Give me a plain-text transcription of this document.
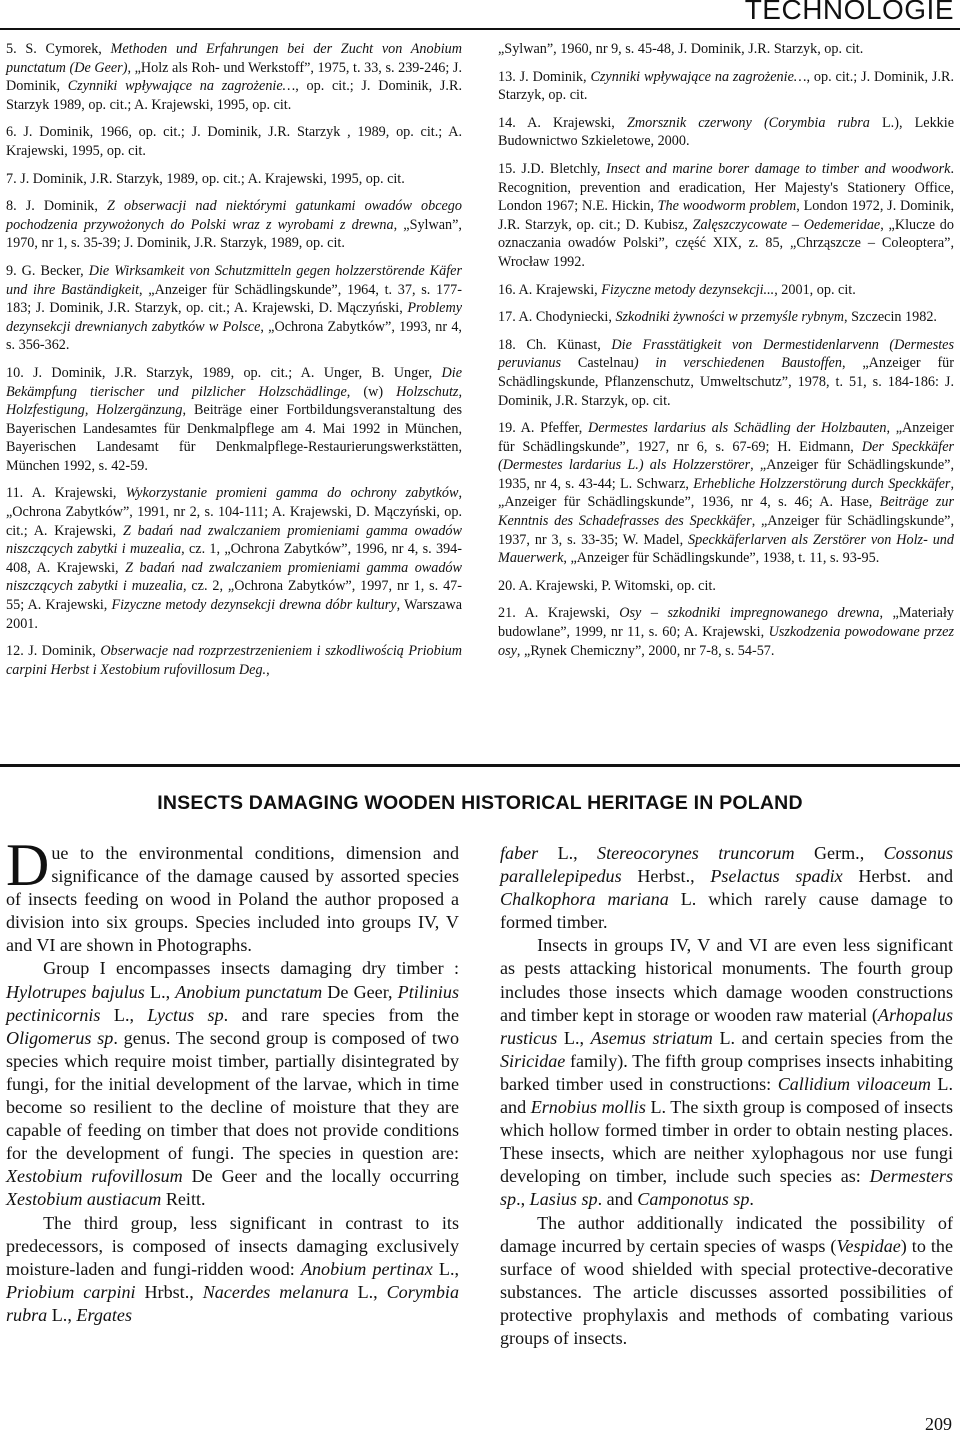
TECHNOLOGIE

5. S. Cymorek, Methoden und Erfahrungen bei der Zucht von Anobium punctatum (De Geer), „Holz als Roh- und Werkstoff”, 1975, t. 33, s. 239-246; J. Dominik, Czynniki wpływające na zagrożenie…, op. cit.; J. Dominik, J.R. Starzyk 1989, op. cit.; A. Krajewski, 1995, op. cit.

6. J. Dominik, 1966, op. cit.; J. Dominik, J.R. Starzyk , 1989, op. cit.; A. Krajewski, 1995, op. cit.

7. J. Dominik, J.R. Starzyk, 1989, op. cit.; A. Krajewski, 1995, op. cit.

8. J. Dominik, Z obserwacji nad niektórymi gatunkami owadów obcego pochodzenia przywożonych do Polski wraz z wyrobami z drewna, „Sylwan”, 1970, nr 1, s. 35-39; J. Dominik, J.R. Starzyk, 1989, op. cit.

9. G. Becker, Die Wirksamkeit von Schutzmitteln gegen holzzerstörende Käfer und ihre Baständigkeit, „Anzeiger für Schädlingskunde”, 1964, t. 37, s. 177-183; J. Dominik, J.R. Starzyk, op. cit.; A. Krajewski, D. Mączyński, Problemy dezynsekcji drewnianych zabytków w Polsce, „Ochrona Zabytków”, 1993, nr 4, s. 356-362.

10. J. Dominik, J.R. Starzyk, 1989, op. cit.; A. Unger, B. Unger, Die Bekämpfung tierischer und pilzlicher Holzschädlinge, (w) Holzschutz, Holzfestigung, Holzergänzung, Beiträge einer Fortbildungsveranstaltung des Bayerischen Landesamtes für Denkmalpflege am 4. Mai 1992 in München, Bayerischen Landesamt für Denkmalpflege-Restaurierungswerkstätten, München 1992, s. 42-59.

11. A. Krajewski, Wykorzystanie promieni gamma do ochrony zabytków, „Ochrona Zabytków”, 1991, nr 2, s. 104-111; A. Krajewski, D. Mączyński, op. cit.; A. Krajewski, Z badań nad zwalczaniem promieniami gamma owadów niszczących zabytki i muzealia, cz. 1, „Ochrona Zabytków”, 1996, nr 4, s. 394-408, A. Krajewski, Z badań nad zwalczaniem promieniami gamma owadów niszczących zabytki i muzealia, cz. 2, „Ochrona Zabytków”, 1997, nr 1, s. 47-55; A. Krajewski, Fizyczne metody dezynsekcji drewna dóbr kultury, Warszawa 2001.

12. J. Dominik, Obserwacje nad rozprzestrzenieniem i szkodliwością Priobium carpini Herbst i Xestobium rufovillosum Deg.,

„Sylwan”, 1960, nr 9, s. 45-48, J. Dominik, J.R. Starzyk, op. cit.

13. J. Dominik, Czynniki wpływające na zagrożenie…, op. cit.; J. Dominik, J.R. Starzyk, op. cit.

14. A. Krajewski, Zmorsznik czerwony (Corymbia rubra L.), Lekkie Budownictwo Szkieletowe, 2000.

15. J.D. Bletchly, Insect and marine borer damage to timber and woodwork. Recognition, prevention and eradication, Her Majesty's Stationery Office, London 1967; N.E. Hickin, The woodworm problem, London 1972, J. Dominik, J.R. Starzyk, op. cit.; D. Kubisz, Zalęszczycowate – Oedemeridae, „Klucze do oznaczania owadów Polski”, część XIX, z. 85, „Chrząszcze – Coleoptera”, Wrocław 1992.

16. A. Krajewski, Fizyczne metody dezynsekcji..., 2001, op. cit.

17. A. Chodyniecki, Szkodniki żywności w przemyśle rybnym, Szczecin 1982.

18. Ch. Künast, Die Frasstätigkeit von Dermestidenlarvenn (Dermestes peruvianus Castelnau) in verschiedenen Baustoffen, „Anzeiger für Schädlingskunde, Pflanzenschutz, Umweltschutz”, 1978, t. 51, s. 184-186: J. Dominik, J.R. Starzyk, op. cit.

19. A. Pfeffer, Dermestes lardarius als Schädling der Holzbauten, „Anzeiger für Schädlingskunde”, 1927, nr 6, s. 67-69; H. Eidmann, Der Speckkäfer (Dermestes lardarius L.) als Holzzerstörer, „Anzeiger für Schädlingskunde”, 1935, nr 4, s. 43-44; L. Schwarz, Erhebliche Holzzerstörung durch Speckkäfer, „Anzeiger für Schädlingskunde”, 1936, nr 4, s. 46; A. Hase, Beiträge zur Kenntnis des Schadefrasses des Speckkäfer, „Anzeiger für Schädlingskunde”, 1937, nr 3, s. 33-35; W. Madel, Speckkäferlarven als Zerstörer von Holz- und Mauerwerk, „Anzeiger für Schädlingskunde”, 1938, t. 11, s. 93-95.

20. A. Krajewski, P. Witomski, op. cit.

21. A. Krajewski, Osy – szkodniki impregnowanego drewna, „Materiały budowlane”, 1999, nr 11, s. 60; A. Krajewski, Uszkodzenia powodowane przez osy, „Rynek Chemiczny”, 2000, nr 7-8, s. 54-57.

INSECTS DAMAGING WOODEN HISTORICAL HERITAGE IN POLAND

Due to the environmental conditions, dimension and significance of the damage caused by assorted species of insects feeding on wood in Poland the author proposed a division into six groups. Species included into groups IV, V and VI are shown in Photographs.

Group I encompasses insects damaging dry timber : Hylotrupes bajulus L., Anobium punctatum De Geer, Ptilinius pectinicornis L., Lyctus sp. and rare species from the Oligomerus sp. genus. The second group is composed of two species which require moist timber, partially disintegrated by fungi, for the initial development of the larvae, which in time become so resilient to the decline of moisture that they are capable of feeding on timber that does not provide conditions for the development of fungi. The species in question are: Xestobium rufovillosum De Geer and the locally occurring Xestobium austiacum Reitt.

The third group, less significant in contrast to its predecessors, is composed of insects damaging exclusively moisture-laden and fungi-ridden wood: Anobium pertinax L., Priobium carpini Hrbst., Nacerdes melanura L., Corymbia rubra L., Ergates

faber L., Stereocorynes truncorum Germ., Cossonus parallelepipedus Herbst., Pselactus spadix Herbst. and Chalkophora mariana L. which rarely cause damage to formed timber.

Insects in groups IV, V and VI are even less significant as pests attacking historical monuments. The fourth group includes those insects which damage wooden constructions and timber kept in storage or wooden raw material (Arhopalus rusticus L., Asemus striatum L. and certain species from the Siricidae family). The fifth group comprises insects inhabiting barked timber used in constructions: Callidium viloaceum L. and Ernobius mollis L. The sixth group is composed of insects which hollow formed timber in order to obtain nesting places. These insects, which are neither xylophagous nor use fungi developing on timber, include such species as: Dermesters sp., Lasius sp. and Camponotus sp.

The author additionally indicated the possibility of damage incurred by certain species of wasps (Vespidae) to the surface of wood shielded with special protective-decorative substances. The article discusses assorted possibilities of protective prophylaxis and methods of combating various groups of insects.

209
